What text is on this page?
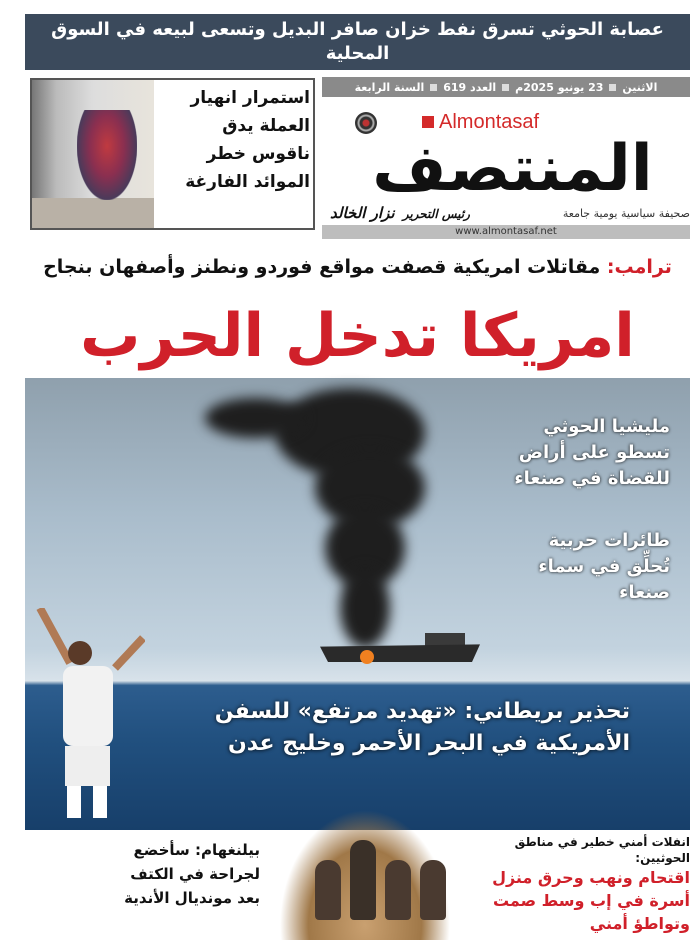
عصابة الحوثي تسرق نفط خزان صافر البديل وتسعى لبيعه في السوق المحلية
استمرار انهيار العملة يدق ناقوس خطر الموائد الفارغة
الاثنين
23 يونيو 2025م
العدد 619
السنة الرابعة
Almontasaf
المنتصف
رئيس التحرير نزار الخالد	صحيفة سياسية يومية جامعة
www.almontasaf.net
ترامب: مقاتلات امريكية قصفت مواقع فوردو ونطنز وأصفهان بنجاح
امريكا تدخل الحرب
مليشيا الحوثي تسطو على أراض للقضاة في صنعاء
طائرات حربية تُحلِّق في سماء صنعاء
تحذير بريطاني: «تهديد مرتفع» للسفن الأمريكية في البحر الأحمر وخليج عدن
بيلنغهام: سأخضع لجراحة في الكتف بعد مونديال الأندية
انفلات أمني خطير في مناطق الحوثيين:
اقتحام ونهب وحرق منزل أسرة في إب وسط صمت وتواطؤ أمني
